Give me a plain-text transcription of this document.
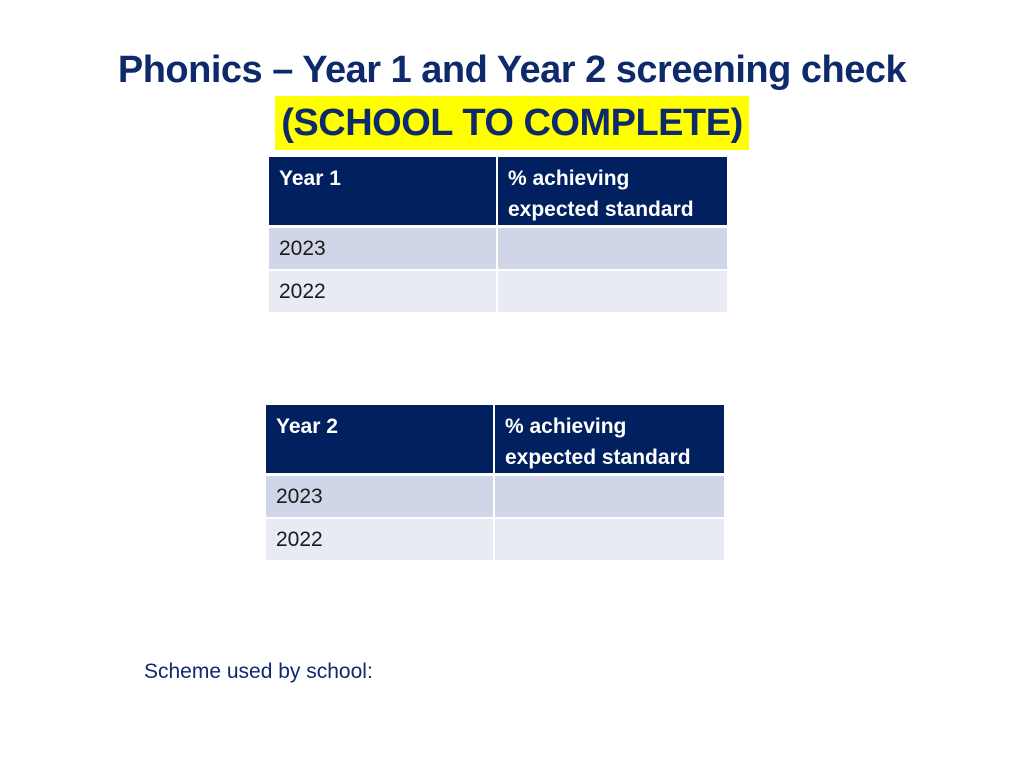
Phonics – Year 1 and Year 2 screening check
(SCHOOL TO COMPLETE)
Year 1	% achieving expected standard
2023	
2022	
Year 2	% achieving expected standard
2023	
2022	
Scheme used by school:
